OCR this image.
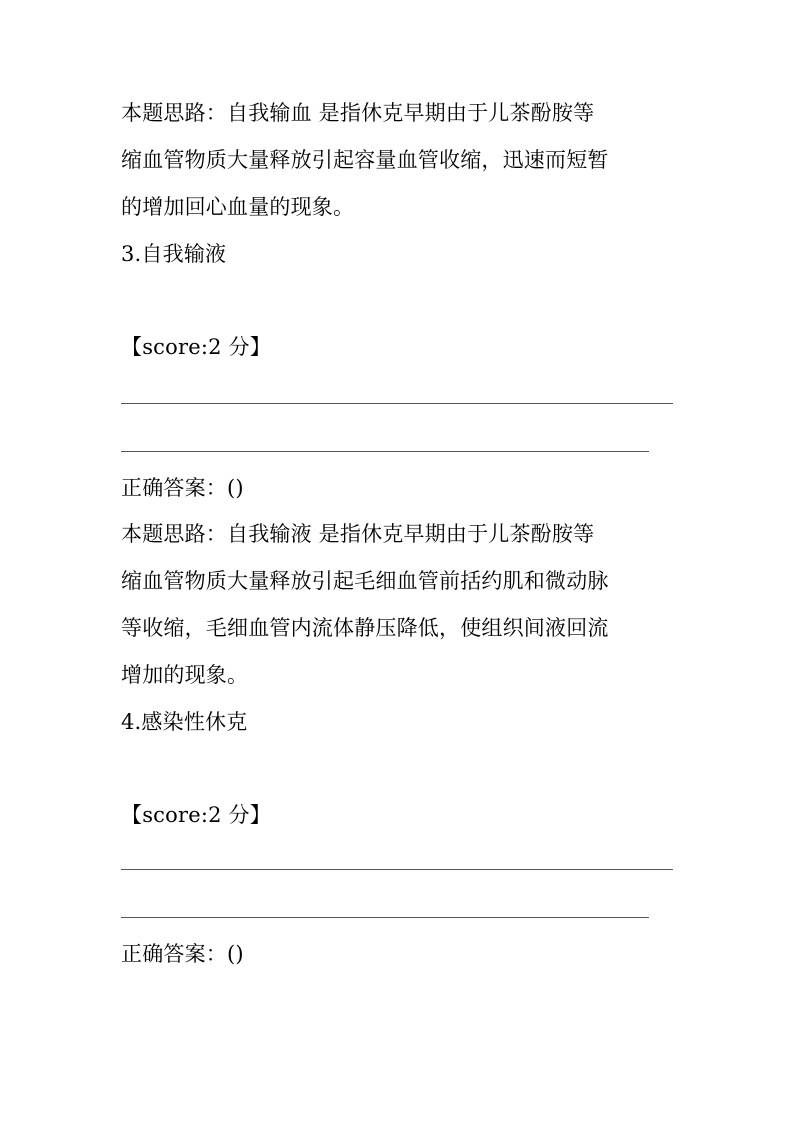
本题思路：自我输血 是指休克早期由于儿茶酚胺等
缩血管物质大量释放引起容量血管收缩，迅速而短暂
的增加回心血量的现象。
3.自我输液
【score:2 分】
正确答案：()
本题思路：自我输液 是指休克早期由于儿茶酚胺等
缩血管物质大量释放引起毛细血管前括约肌和微动脉
等收缩，毛细血管内流体静压降低，使组织间液回流
增加的现象。
4.感染性休克
【score:2 分】
正确答案：()
